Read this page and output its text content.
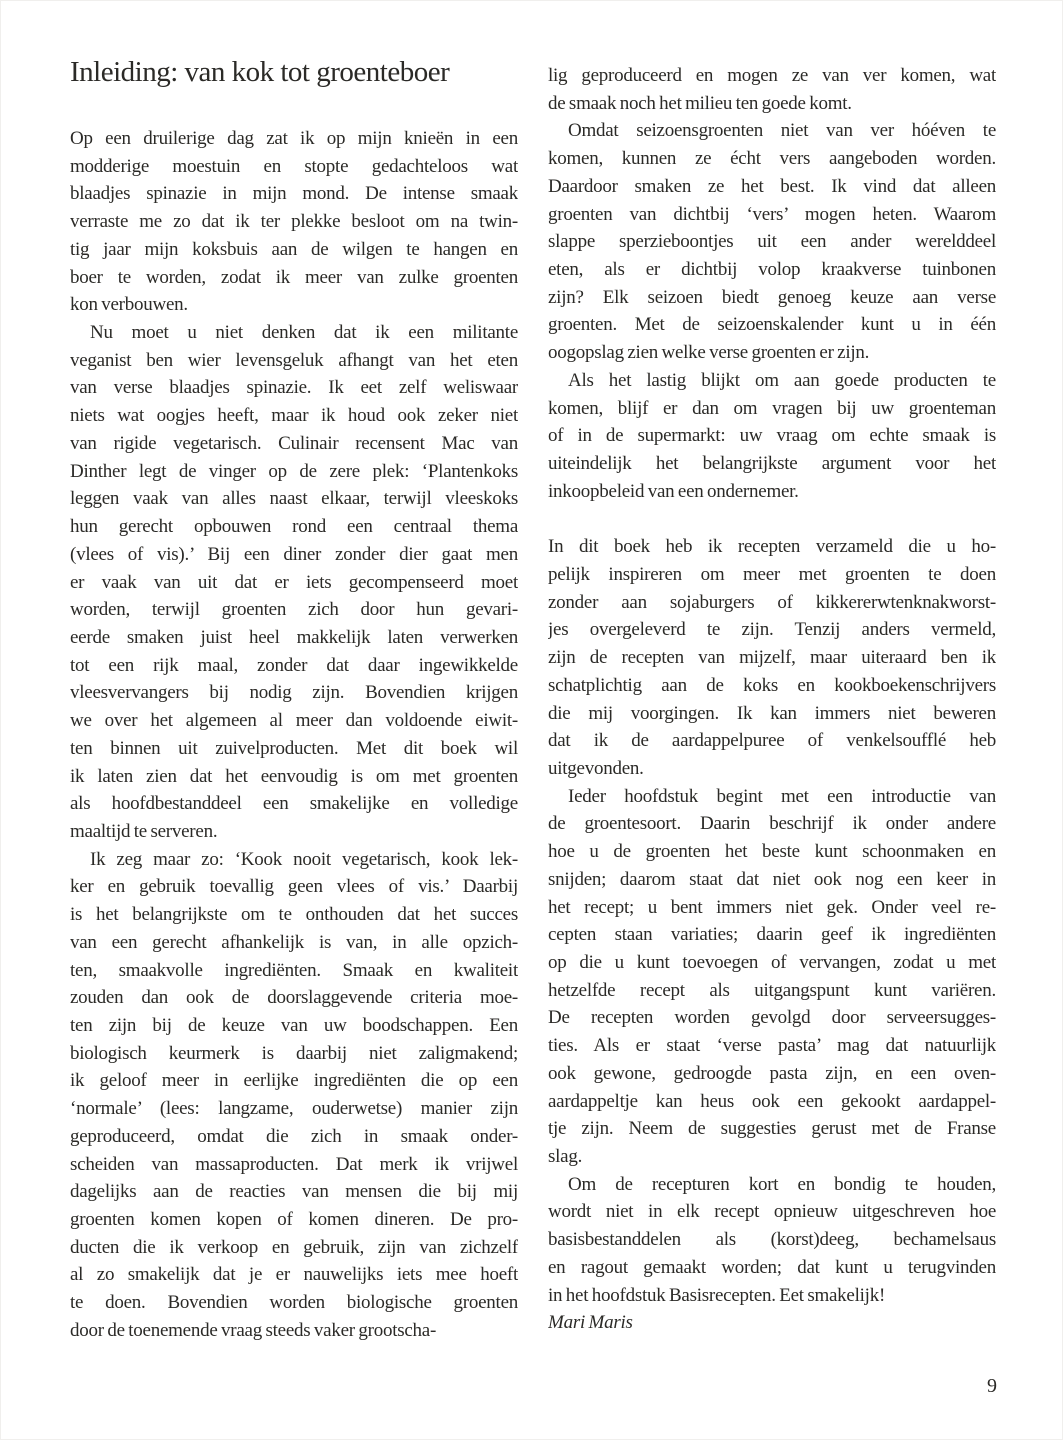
Inleiding: van kok tot groenteboer
Op een druilerige dag zat ik op mijn knieën in een
modderige moestuin en stopte gedachteloos wat
blaadjes spinazie in mijn mond. De intense smaak
verraste me zo dat ik ter plekke besloot om na twin-
tig jaar mijn koksbuis aan de wilgen te hangen en
boer te worden, zodat ik meer van zulke groenten
kon verbouwen.
Nu moet u niet denken dat ik een militante
veganist ben wier levensgeluk afhangt van het eten
van verse blaadjes spinazie. Ik eet zelf weliswaar
niets wat oogjes heeft, maar ik houd ook zeker niet
van rigide vegetarisch. Culinair recensent Mac van
Dinther legt de vinger op de zere plek: ‘Plantenkoks
leggen vaak van alles naast elkaar, terwijl vleeskoks
hun gerecht opbouwen rond een centraal thema
(vlees of vis).’ Bij een diner zonder dier gaat men
er vaak van uit dat er iets gecompenseerd moet
worden, terwijl groenten zich door hun gevari-
eerde smaken juist heel makkelijk laten verwerken
tot een rijk maal, zonder dat daar ingewikkelde
vleesvervangers bij nodig zijn. Bovendien krijgen
we over het algemeen al meer dan voldoende eiwit-
ten binnen uit zuivelproducten. Met dit boek wil
ik laten zien dat het eenvoudig is om met groenten
als hoofdbestanddeel een smakelijke en volledige
maaltijd te serveren.
Ik zeg maar zo: ‘Kook nooit vegetarisch, kook lek-
ker en gebruik toevallig geen vlees of vis.’ Daarbij
is het belangrijkste om te onthouden dat het succes
van een gerecht afhankelijk is van, in alle opzich-
ten, smaakvolle ingrediënten. Smaak en kwaliteit
zouden dan ook de doorslaggevende criteria moe-
ten zijn bij de keuze van uw boodschappen. Een
biologisch keurmerk is daarbij niet zaligmakend;
ik geloof meer in eerlijke ingrediënten die op een
‘normale’ (lees: langzame, ouderwetse) manier zijn
geproduceerd, omdat die zich in smaak onder-
scheiden van massaproducten. Dat merk ik vrijwel
dagelijks aan de reacties van mensen die bij mij
groenten komen kopen of komen dineren. De pro-
ducten die ik verkoop en gebruik, zijn van zichzelf
al zo smakelijk dat je er nauwelijks iets mee hoeft
te doen. Bovendien worden biologische groenten
door de toenemende vraag steeds vaker grootscha-
lig geproduceerd en mogen ze van ver komen, wat
de smaak noch het milieu ten goede komt.
Omdat seizoensgroenten niet van ver hóéven te
komen, kunnen ze écht vers aangeboden worden.
Daardoor smaken ze het best. Ik vind dat alleen
groenten van dichtbij ‘vers’ mogen heten. Waarom
slappe sperzieboontjes uit een ander werelddeel
eten, als er dichtbij volop kraakverse tuinbonen
zijn? Elk seizoen biedt genoeg keuze aan verse
groenten. Met de seizoenskalender kunt u in één
oogopslag zien welke verse groenten er zijn.
Als het lastig blijkt om aan goede producten te
komen, blijf er dan om vragen bij uw groenteman
of in de supermarkt: uw vraag om echte smaak is
uiteindelijk het belangrijkste argument voor het
inkoopbeleid van een ondernemer.
In dit boek heb ik recepten verzameld die u ho-
pelijk inspireren om meer met groenten te doen
zonder aan sojaburgers of kikkererwtenknakworst-
jes overgeleverd te zijn. Tenzij anders vermeld,
zijn de recepten van mijzelf, maar uiteraard ben ik
schatplichtig aan de koks en kookboekenschrijvers
die mij voorgingen. Ik kan immers niet beweren
dat ik de aardappelpuree of venkelsoufflé heb
uitgevonden.
Ieder hoofdstuk begint met een introductie van
de groentesoort. Daarin beschrijf ik onder andere
hoe u de groenten het beste kunt schoonmaken en
snijden; daarom staat dat niet ook nog een keer in
het recept; u bent immers niet gek. Onder veel re-
cepten staan variaties; daarin geef ik ingrediënten
op die u kunt toevoegen of vervangen, zodat u met
hetzelfde recept als uitgangspunt kunt variëren.
De recepten worden gevolgd door serveersugges-
ties. Als er staat ‘verse pasta’ mag dat natuurlijk
ook gewone, gedroogde pasta zijn, en een oven-
aardappeltje kan heus ook een gekookt aardappel-
tje zijn. Neem de suggesties gerust met de Franse
slag.
Om de recepturen kort en bondig te houden,
wordt niet in elk recept opnieuw uitgeschreven hoe
basisbestanddelen als (korst)deeg, bechamelsaus
en ragout gemaakt worden; dat kunt u terugvinden
in het hoofdstuk Basisrecepten. Eet smakelijk!
Mari Maris
9
